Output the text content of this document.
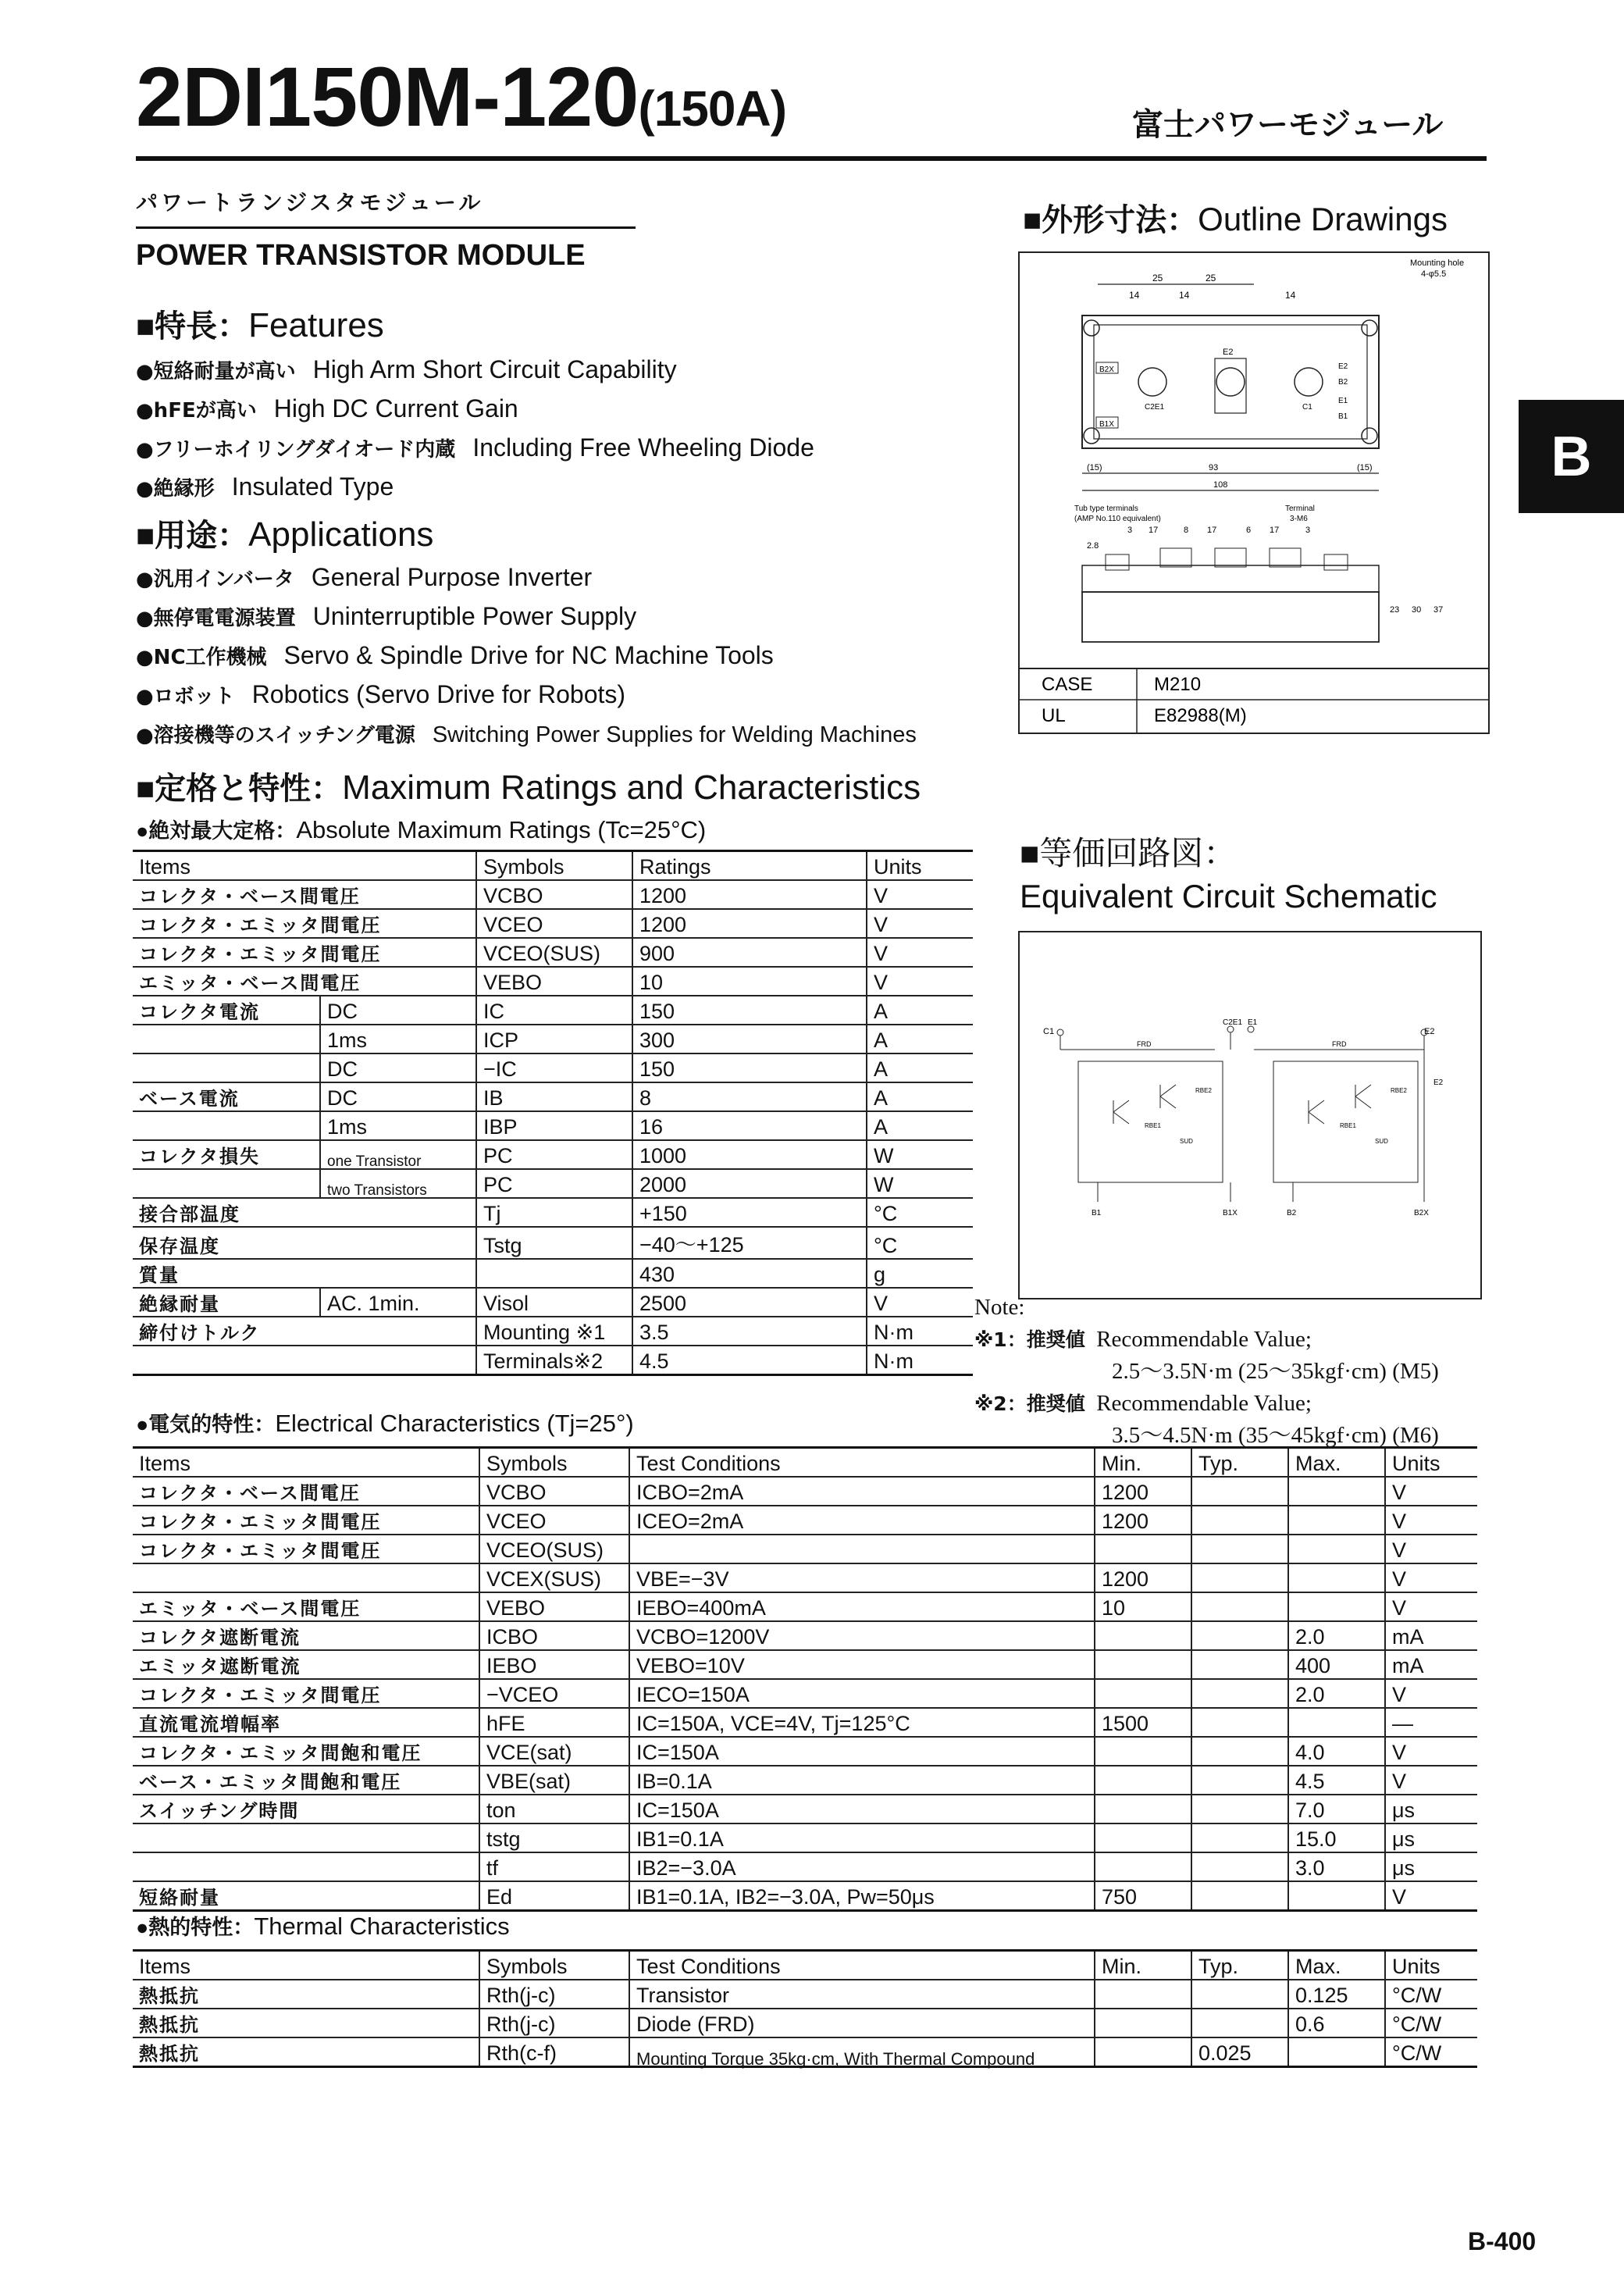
2DI150M-120(150A)	富士パワーモジュール
パワートランジスタモジュール
POWER TRANSISTOR MODULE
B
■特長：Features
●短絡耐量が高い High Arm Short Circuit Capability
●hFEが高い High DC Current Gain
●フリーホイリングダイオード内蔵 Including Free Wheeling Diode
●絶縁形 Insulated Type
■用途：Applications
●汎用インバータ General Purpose Inverter
●無停電電源装置 Uninterruptible Power Supply
●NC工作機械 Servo & Spindle Drive for NC Machine Tools
●ロボット Robotics (Servo Drive for Robots)
●溶接機等のスイッチング電源 Switching Power Supplies for Welding Machines
■定格と特性：Maximum Ratings and Characteristics
●絶対最大定格：Absolute Maximum Ratings (Tc=25°C)
Items		Symbols	Ratings	Units
コレクタ・ベース間電圧		VCBO	1200	V
コレクタ・エミッタ間電圧		VCEO	1200	V
コレクタ・エミッタ間電圧		VCEO(SUS)	900	V
エミッタ・ベース間電圧		VEBO	10	V
コレクタ電流	DC	IC	150	A
	1ms	ICP	300	A
	DC	−IC	150	A
ベース電流	DC	IB	8	A
	1ms	IBP	16	A
コレクタ損失	one Transistor	PC	1000	W
	two Transistors	PC	2000	W
接合部温度		Tj	+150	°C
保存温度		Tstg	−40〜+125	°C
質量			430	g
絶縁耐量	AC. 1min.	Visol	2500	V
締付けトルク		Mounting ※1	3.5	N·m
		Terminals※2	4.5	N·m
●電気的特性：Electrical Characteristics (Tj=25°)
Items	Symbols	Test Conditions	Min.	Typ.	Max.	Units
コレクタ・ベース間電圧	VCBO	ICBO=2mA	1200			V
コレクタ・エミッタ間電圧	VCEO	ICEO=2mA	1200			V
コレクタ・エミッタ間電圧	VCEO(SUS)					V
	VCEX(SUS)	VBE=−3V	1200			V
エミッタ・ベース間電圧	VEBO	IEBO=400mA	10			V
コレクタ遮断電流	ICBO	VCBO=1200V			2.0	mA
エミッタ遮断電流	IEBO	VEBO=10V			400	mA
コレクタ・エミッタ間電圧	−VCEO	IECO=150A			2.0	V
直流電流増幅率	hFE	IC=150A, VCE=4V, Tj=125°C	1500			—
コレクタ・エミッタ間飽和電圧	VCE(sat)	IC=150A			4.0	V
ベース・エミッタ間飽和電圧	VBE(sat)	IB=0.1A			4.5	V
スイッチング時間	ton	IC=150A			7.0	μs
	tstg	IB1=0.1A			15.0	μs
	tf	IB2=−3.0A			3.0	μs
短絡耐量	Ed	IB1=0.1A, IB2=−3.0A, Pw=50μs	750			V
●熱的特性：Thermal Characteristics
Items	Symbols	Test Conditions	Min.	Typ.	Max.	Units
熱抵抗	Rth(j-c)	Transistor			0.125	°C/W
熱抵抗	Rth(j-c)	Diode (FRD)			0.6	°C/W
熱抵抗	Rth(c-f)	Mounting Torque 35kg·cm, With Thermal Compound		0.025		°C/W
■外形寸法：Outline Drawings
Mounting hole
4-φ5.5
25	25
14	14	14
B2X
E2
B1X
C2E1	C1
E2
B2
E1
B1
(15)	93	(15)
108
Tub type terminals
(AMP No.110 equivalent)
Terminal
3-M6
3 17	8 17	6 17	3
2.8
23 30 37
CASE	M210
UL	E82988(M)
■等価回路図：
Equivalent Circuit Schematic
C1
C2E1 E1
E2
E2
FRD	FRD
RBE2
SUD
RBE1
RBE2
SUD
RBE1
B1	B1X	B2	B2X
Note:
※1：推奨値 Recommendable Value;
2.5〜3.5N·m (25〜35kgf·cm) (M5)
※2：推奨値 Recommendable Value;
3.5〜4.5N·m (35〜45kgf·cm) (M6)
B-400
